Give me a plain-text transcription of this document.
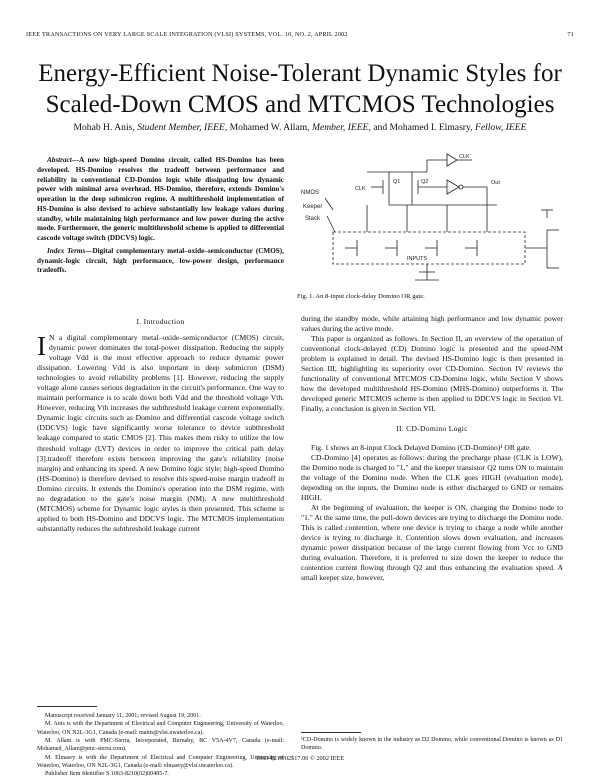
IEEE TRANSACTIONS ON VERY LARGE SCALE INTEGRATION (VLSI) SYSTEMS, VOL. 10, NO. 2, APRIL 2002	71
Energy-Efficient Noise-Tolerant Dynamic Styles for
Scaled-Down CMOS and MTCMOS Technologies
Mohab H. Anis, Student Member, IEEE, Mohamed W. Allam, Member, IEEE, and Mohamed I. Elmasry, Fellow, IEEE

Abstract—A new high-speed Domino circuit, called HS-Domino has been developed. HS-Domino resolves the tradeoff between performance and reliability in conventional CD-Domino logic while dissipating low dynamic power with minimal area overhead. HS-Domino, therefore, extends Domino's operation in the deep submicron regime. A multithreshold implementation of HS-Domino is also devised to achieve substantially low leakage values during standby, while maintaining high performance and low power during the active mode. Furthermore, the generic multithreshold scheme is applied to differential cascode voltage switch (DDCVS) logic.

Index Terms—Digital complementary metal–oxide–semiconductor (CMOS), dynamic-logic circuit, high performance, low-power design, performance tradeoffs.

I. Introduction
I N a digital complementary metal–oxide–semiconductor (CMOS) circuit, dynamic power dominates the total-power dissipation. Reducing the supply voltage Vdd is the most effective approach to reduce dynamic power dissipation. Lowering Vdd is also important in deep submicron (DSM) technologies to avoid reliability problems [1]. However, reducing the supply voltage alone causes serious degradation in the circuit's performance. One way to maintain performance is to scale down both Vdd and the threshold voltage Vth. However, reducing Vth increases the subthreshold leakage current exponentially. Dynamic logic circuits such as Domino and differential cascode voltage switch (DDCVS) logic have significantly worse tolerance to device subthreshold leakage compared to static CMOS [2]. This makes them risky to utilize the low threshold voltage (LVT) devices in order to improve the critical path delay [3].tradeoff therefore exists between improving the gate's reliability (noise margin) and enhancing its speed. A new Domino logic style; high-speed Domino (HS-Domino) is therefore devised to resolve this speed-noise margin tradeoff in Domino circuits. It extends the Domino's operation into the DSM regime, with no degradation to the gate's noise margin (NM). A new multithreshold (MTCMOS) scheme for Dynamic logic styles is then presented. This scheme is applied to both HS-Domino and DDCVS logic. The MTCMOS implementation substantially reduces the subthreshold leakage current

Manuscript received January 11, 2001; revised August 19, 2001.

M. Anis is with the Department of Electrical and Computer Engineering, University of Waterloo, Waterloo, ON N2L-3G1, Canada (e-mail: manis@vlsi.uwaterloo.ca).

M. Allam is with PMC-Sierra, Incorporated, Burnaby, BC V5A-4V7, Canada (e-mail: Mohamed_Allam@pmc-sierra.com).

M. Elmasry is with the Department of Electrical and Computer Engineering, University of Waterloo, Waterloo, ON N2L-3G1, Canada (e-mail: elmasry@vlsi.uwaterloo.ca).

Publisher Item Identifier S 1063-8210(02)00485-7.

NMOS
Keeper
Stack
CLK
CLK'
Q1	Q2
INPUTS
Out
Fig. 1. An 8-input clock-delay Domino OR gate.

during the standby mode, while attaining high performance and low dynamic power values during the active mode.

This paper is organized as follows. In Section II, an overview of the operation of conventional clock-delayed (CD) Domino logic is presented and the speed-NM problem is explained in detail. The devised HS-Domino logic is then presented in Section III, highlighting its superiority over CD-Domino. Section IV reviews the functionality of conventional MTCMOS CD-Domino logic, while Section V shows how the developed multithreshold HS-Domino (MHS-Domino) outperforms it. The developed generic MTCMOS scheme is then applied to DDCVS logic in Section VI. Finally, a conclusion is given in Section VII.

II. CD-Domino Logic

Fig. 1 shows an 8-input Clock Delayed Domino (CD-Domino)¹ OR gate.

CD-Domino [4] operates as follows: during the precharge phase (CLK is LOW), the Domino node is charged to "1," and the keeper transistor Q2 turns ON to maintain the voltage of the Domino node. When the CLK goes HIGH (evaluation mode), depending on the inputs, the Domino node is either discharged to GND or remains HIGH.

At the beginning of evaluation, the keeper is ON, charging the Domino node to "1." At the same time, the pull-down devices are trying to discharge the Domino node. This is called contention, where one device is trying to charge a node while another device is trying to discharge it. Contention slows down evaluation, and increases dynamic power dissipation because of the large current flowing from Vcc to GND during evaluation. Therefore, it is preferred to size down the keeper to reduce the contention current flowing through Q2 and thus enhancing the evaluation speed. A small keeper size, however,

¹CD-Domino is widely known in the industry as D2 Domino, while conventional Domino is known as D1 Domino.
1063-8210/02$17.00 © 2002 IEEE
